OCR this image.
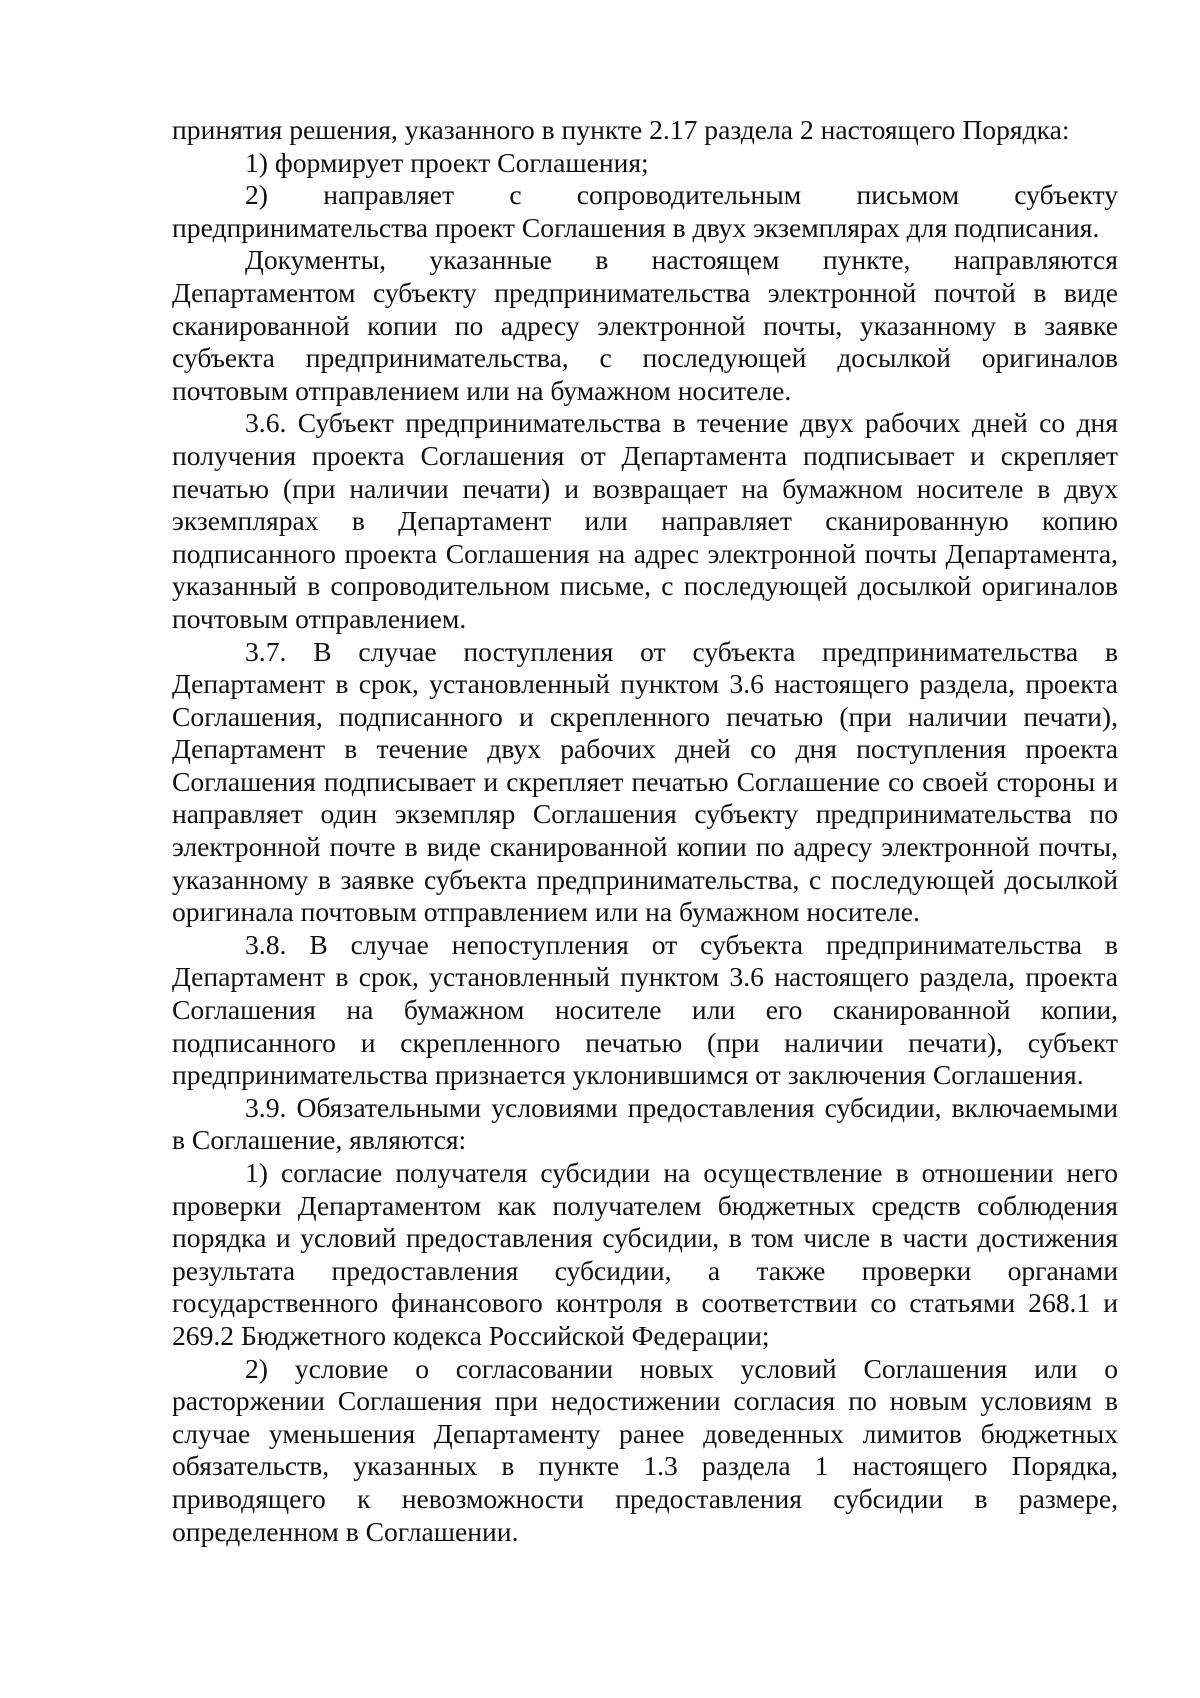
принятия решения, указанного в пункте 2.17 раздела 2 настоящего Порядка:

1) формирует проект Соглашения;

2) направляет с сопроводительным письмом субъекту предпринимательства проект Соглашения в двух экземплярах для подписания.

Документы, указанные в настоящем пункте, направляются Департаментом субъекту предпринимательства электронной почтой в виде сканированной копии по адресу электронной почты, указанному в заявке субъекта предпринимательства, с последующей досылкой оригиналов почтовым отправлением или на бумажном носителе.

3.6. Субъект предпринимательства в течение двух рабочих дней со дня получения проекта Соглашения от Департамента подписывает и скрепляет печатью (при наличии печати) и возвращает на бумажном носителе в двух экземплярах в Департамент или направляет сканированную копию подписанного проекта Соглашения на адрес электронной почты Департамента, указанный в сопроводительном письме, с последующей досылкой оригиналов почтовым отправлением.

3.7. В случае поступления от субъекта предпринимательства в Департамент в срок, установленный пунктом 3.6 настоящего раздела, проекта Соглашения, подписанного и скрепленного печатью (при наличии печати), Департамент в течение двух рабочих дней со дня поступления проекта Соглашения подписывает и скрепляет печатью Соглашение со своей стороны и направляет один экземпляр Соглашения субъекту предпринимательства по электронной почте в виде сканированной копии по адресу электронной почты, указанному в заявке субъекта предпринимательства, с последующей досылкой оригинала почтовым отправлением или на бумажном носителе.

3.8. В случае непоступления от субъекта предпринимательства в Департамент в срок, установленный пунктом 3.6 настоящего раздела, проекта Соглашения на бумажном носителе или его сканированной копии, подписанного и скрепленного печатью (при наличии печати), субъект предпринимательства признается уклонившимся от заключения Соглашения.

3.9. Обязательными условиями предоставления субсидии, включаемыми в Соглашение, являются:

1) согласие получателя субсидии на осуществление в отношении него проверки Департаментом как получателем бюджетных средств соблюдения порядка и условий предоставления субсидии, в том числе в части достижения результата предоставления субсидии, а также проверки органами государственного финансового контроля в соответствии со статьями 268.1 и 269.2 Бюджетного кодекса Российской Федерации;

2) условие о согласовании новых условий Соглашения или о расторжении Соглашения при недостижении согласия по новым условиям в случае уменьшения Департаменту ранее доведенных лимитов бюджетных обязательств, указанных в пункте 1.3 раздела 1 настоящего Порядка, приводящего к невозможности предоставления субсидии в размере, определенном в Соглашении.
